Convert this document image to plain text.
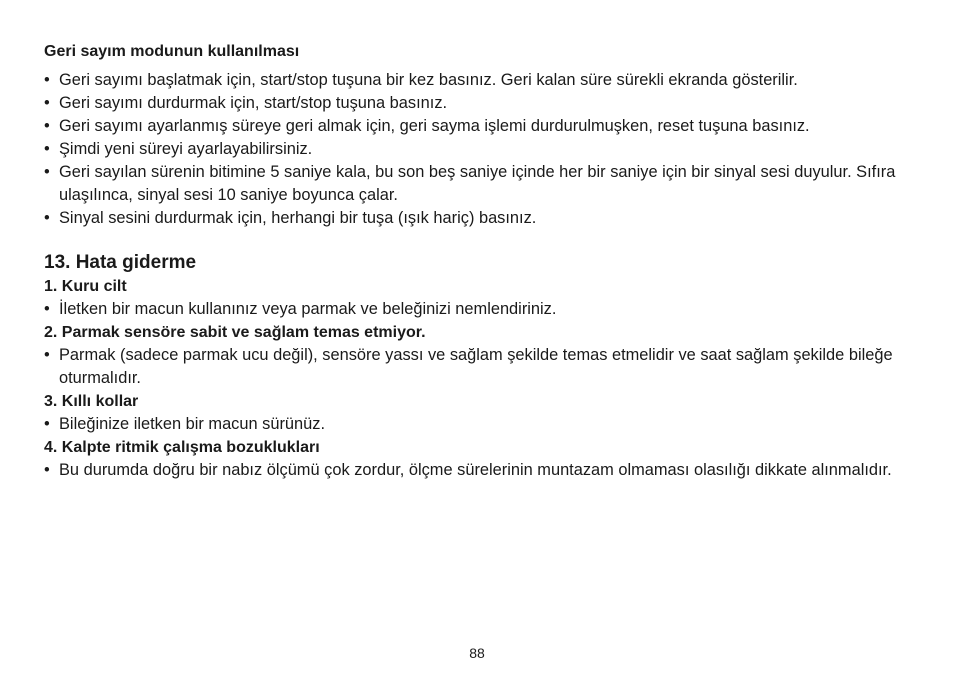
Geri sayım modunun kullanılması
• Geri sayımı başlatmak için, start/stop tuşuna bir kez basınız. Geri kalan süre sürekli ekranda gösterilir.
• Geri sayımı durdurmak için, start/stop tuşuna basınız.
• Geri sayımı ayarlanmış süreye geri almak için, geri sayma işlemi durdurulmuşken, reset tuşuna basınız.
• Şimdi yeni süreyi ayarlayabilirsiniz.
• Geri sayılan sürenin bitimine 5 saniye kala, bu son beş saniye içinde her bir saniye için bir sinyal sesi duyulur. Sıfıra ulaşılınca, sinyal sesi 10 saniye boyunca çalar.
• Sinyal sesini durdurmak için, herhangi bir tuşa (ışık hariç) basınız.
13. Hata giderme
1. Kuru cilt
• İletken bir macun kullanınız veya parmak ve beleğinizi nemlendiriniz.
2. Parmak sensöre sabit ve sağlam temas etmiyor.
• Parmak (sadece parmak ucu değil), sensöre yassı ve sağlam şekilde temas etmelidir ve saat sağlam şekilde bileğe oturmalıdır.
3. Kıllı kollar
• Bileğinize iletken bir macun sürünüz.
4. Kalpte ritmik çalışma bozuklukları
• Bu durumda doğru bir nabız ölçümü çok zordur, ölçme sürelerinin muntazam olmaması olasılığı dikkate alınmalıdır.
88
